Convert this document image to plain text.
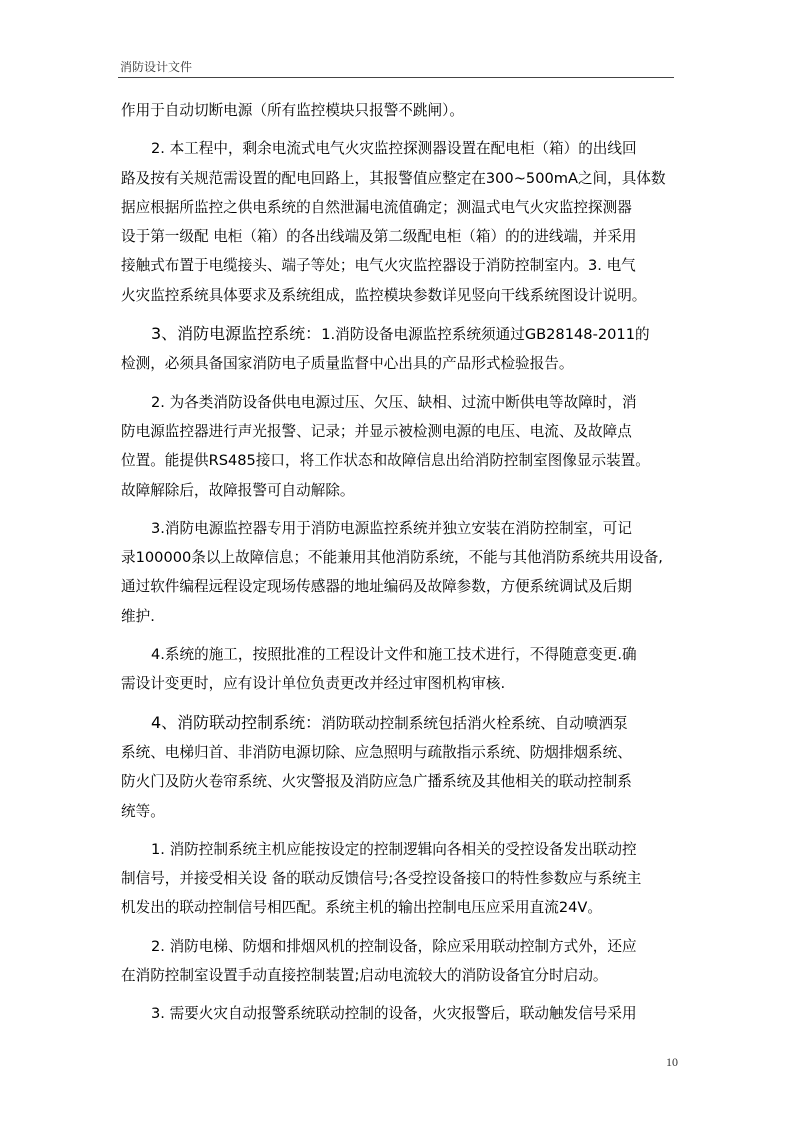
消防设计文件
作用于自动切断电源（所有监控模块只报警不跳闸）。
2. 本工程中，剩余电流式电气火灾监控探测器设置在配电柜（箱）的出线回
路及按有关规范需设置的配电回路上，其报警值应整定在300~500mA之间，具体数
据应根据所监控之供电系统的自然泄漏电流值确定；测温式电气火灾监控探测器
设于第一级配 电柜（箱）的各出线端及第二级配电柜（箱）的的进线端，并采用
接触式布置于电缆接头、端子等处；电气火灾监控器设于消防控制室内。3. 电气
火灾监控系统具体要求及系统组成，监控模块参数详见竖向干线系统图设计说明。
3、消防电源监控系统：1.消防设备电源监控系统须通过GB28148-2011的
检测，必须具备国家消防电子质量监督中心出具的产品形式检验报告。
2. 为各类消防设备供电电源过压、欠压、缺相、过流中断供电等故障时，消
防电源监控器进行声光报警、记录；并显示被检测电源的电压、电流、及故障点
位置。能提供RS485接口，将工作状态和故障信息出给消防控制室图像显示装置。
故障解除后，故障报警可自动解除。
3.消防电源监控器专用于消防电源监控系统并独立安装在消防控制室，可记
录100000条以上故障信息；不能兼用其他消防系统，不能与其他消防系统共用设备,
通过软件编程远程设定现场传感器的地址编码及故障参数，方便系统调试及后期
维护.
4.系统的施工，按照批准的工程设计文件和施工技术进行，不得随意变更.确
需设计变更时，应有设计单位负责更改并经过审图机构审核.
4、消防联动控制系统：消防联动控制系统包括消火栓系统、自动喷洒泵
系统、电梯归首、非消防电源切除、应急照明与疏散指示系统、防烟排烟系统、
防火门及防火卷帘系统、火灾警报及消防应急广播系统及其他相关的联动控制系
统等。
1. 消防控制系统主机应能按设定的控制逻辑向各相关的受控设备发出联动控
制信号，并接受相关设 备的联动反馈信号;各受控设备接口的特性参数应与系统主
机发出的联动控制信号相匹配。系统主机的输出控制电压应采用直流24V。
2. 消防电梯、防烟和排烟风机的控制设备，除应采用联动控制方式外，还应
在消防控制室设置手动直接控制装置;启动电流较大的消防设备宜分时启动。
3. 需要火灾自动报警系统联动控制的设备，火灾报警后，联动触发信号采用
10
